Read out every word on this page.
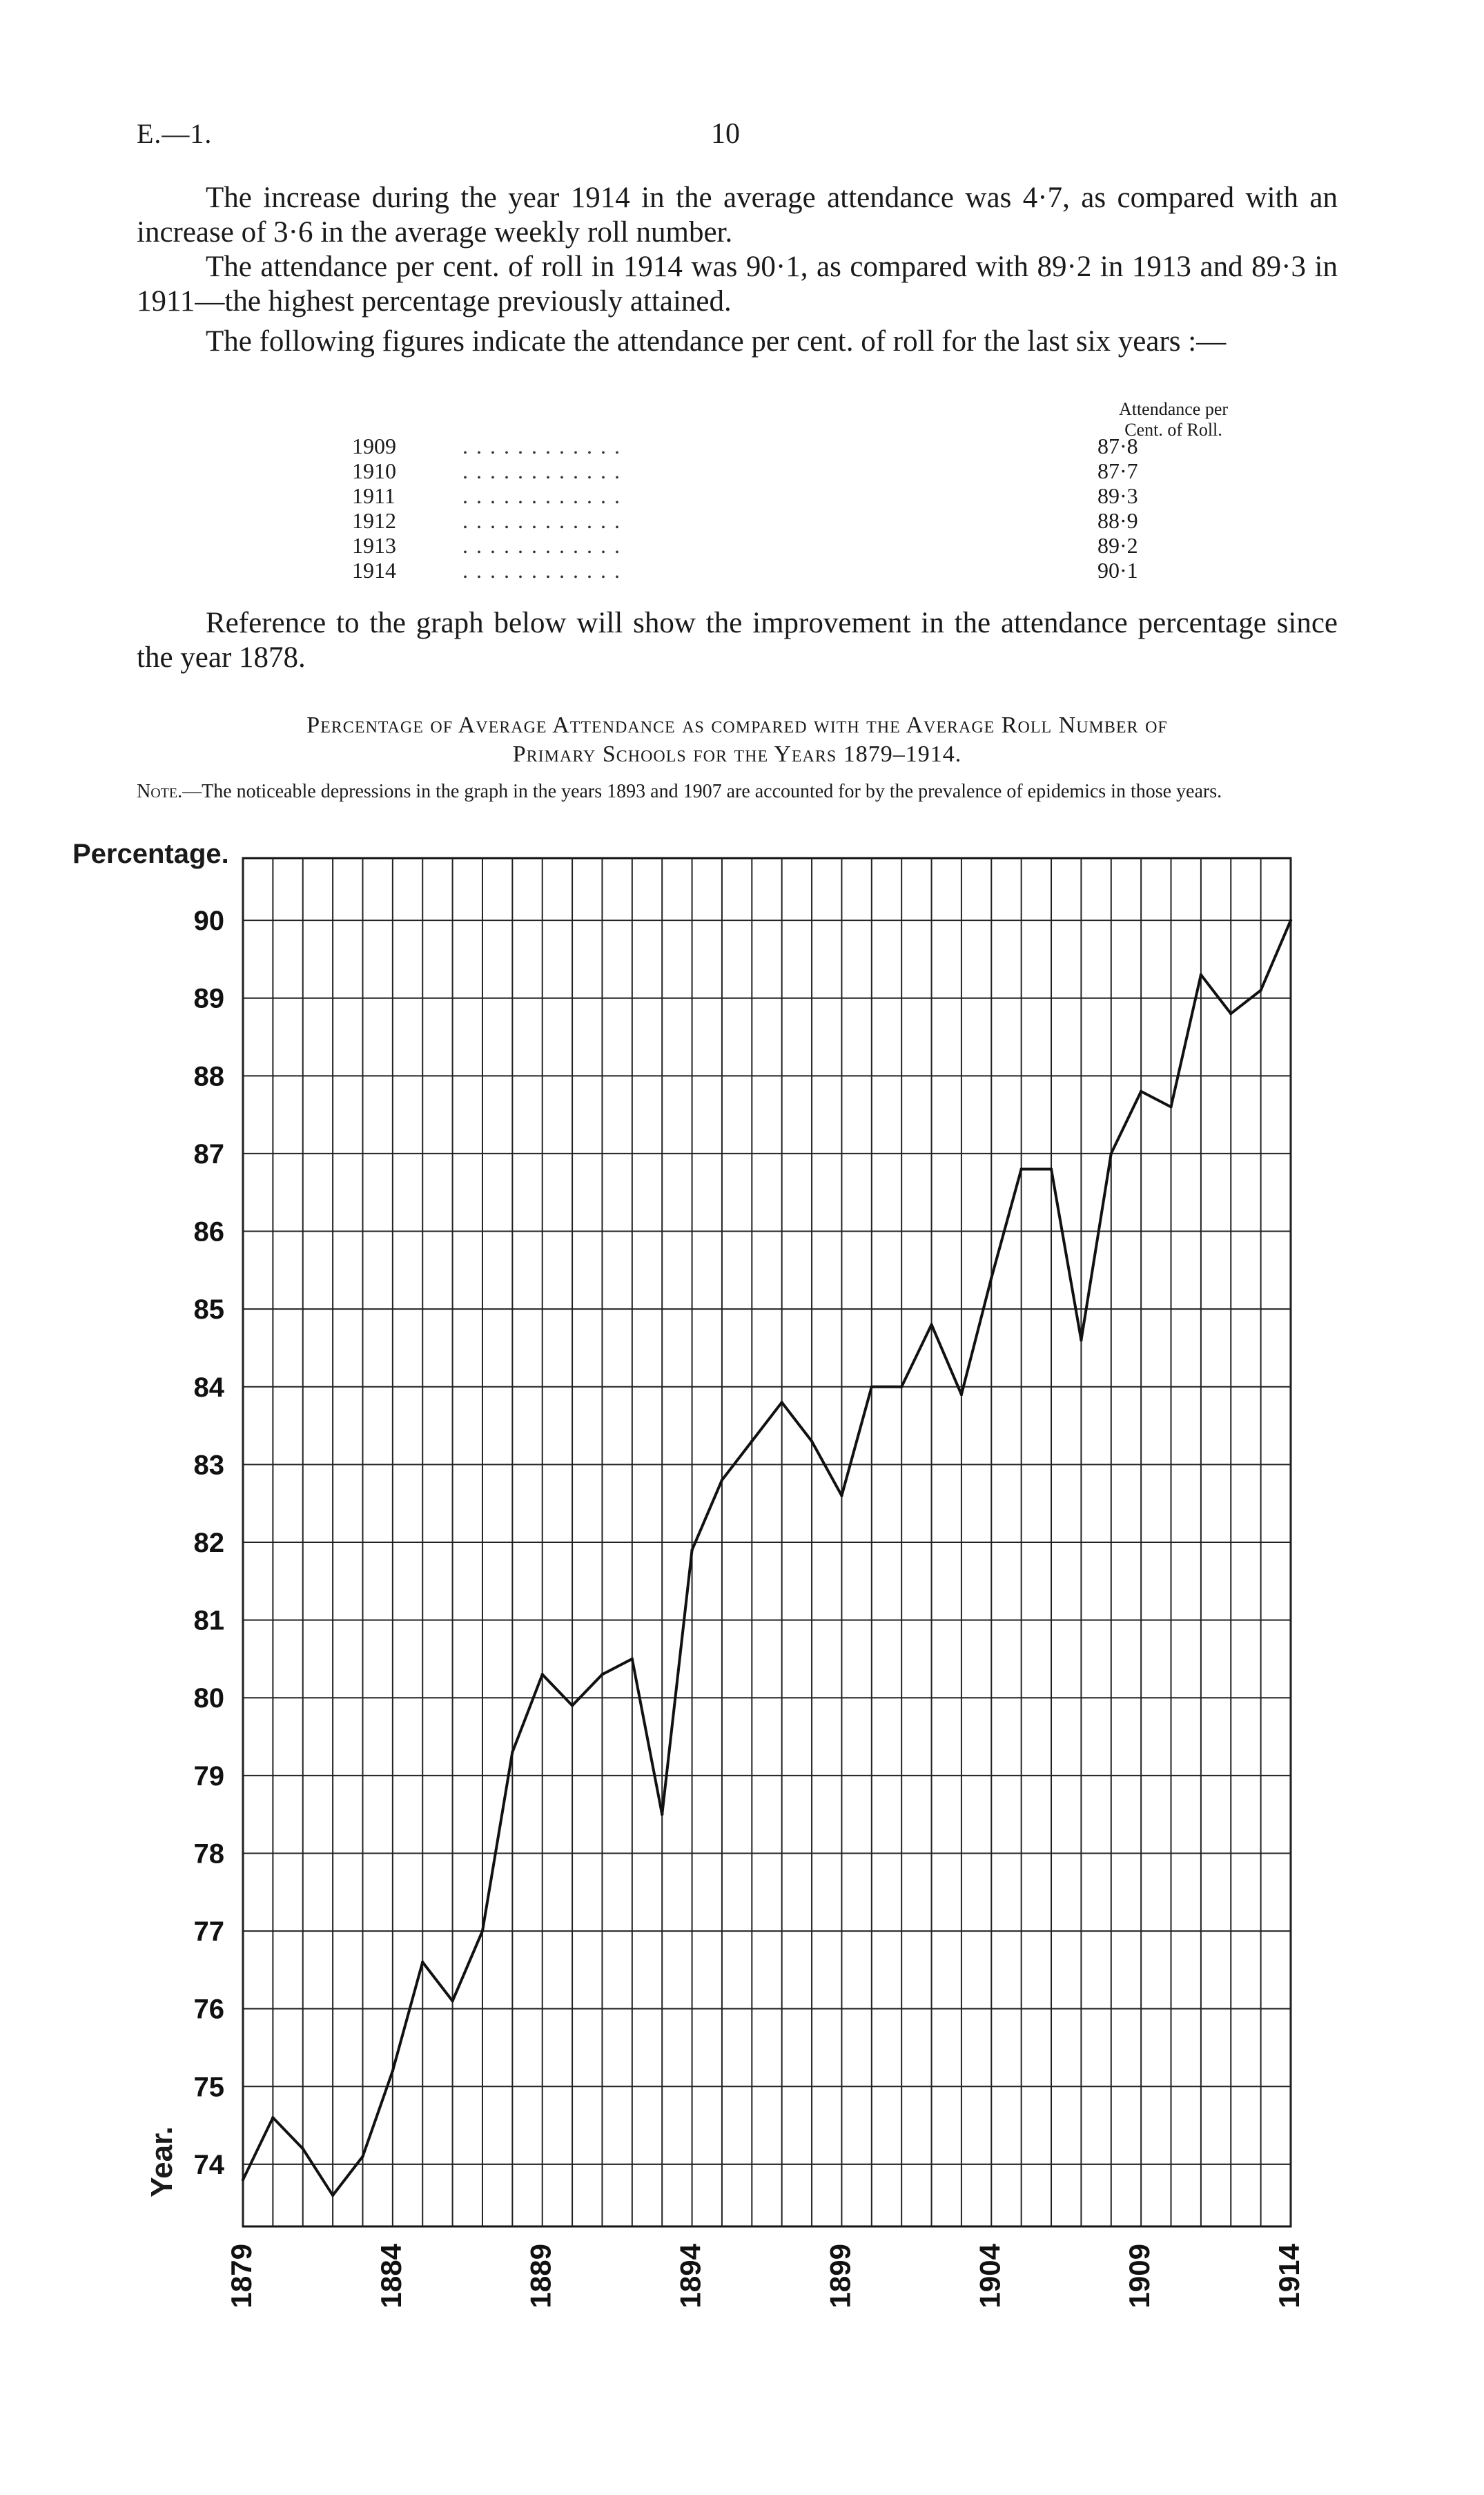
E.—1.	10
The increase during the year 1914 in the average attendance was 4·7, as compared with an increase of 3·6 in the average weekly roll number.
The attendance per cent. of roll in 1914 was 90·1, as compared with 89·2 in 1913 and 89·3 in 1911—the highest percentage previously attained.
The following figures indicate the attendance per cent. of roll for the last six years :—
Attendance per
Cent. of Roll.
1909	. . . . . . . . . . . .	87·8
1910	. . . . . . . . . . . .	87·7
1911	. . . . . . . . . . . .	89·3
1912	. . . . . . . . . . . .	88·9
1913	. . . . . . . . . . . .	89·2
1914	. . . . . . . . . . . .	90·1
Reference to the graph below will show the improvement in the attendance percentage since the year 1878.
Percentage of Average Attendance as compared with the Average Roll Number of
Primary Schools for the Years 1879–1914.
Note.—The noticeable depressions in the graph in the years 1893 and 1907 are accounted for by the prevalence of epidemics in those years.
Percentage.
Year. 74
75
76
77
78
79
80
81
82
83
84
85
86
87
88
89
90
1879	1884	1889	1894	1899	1904	1909	1914
